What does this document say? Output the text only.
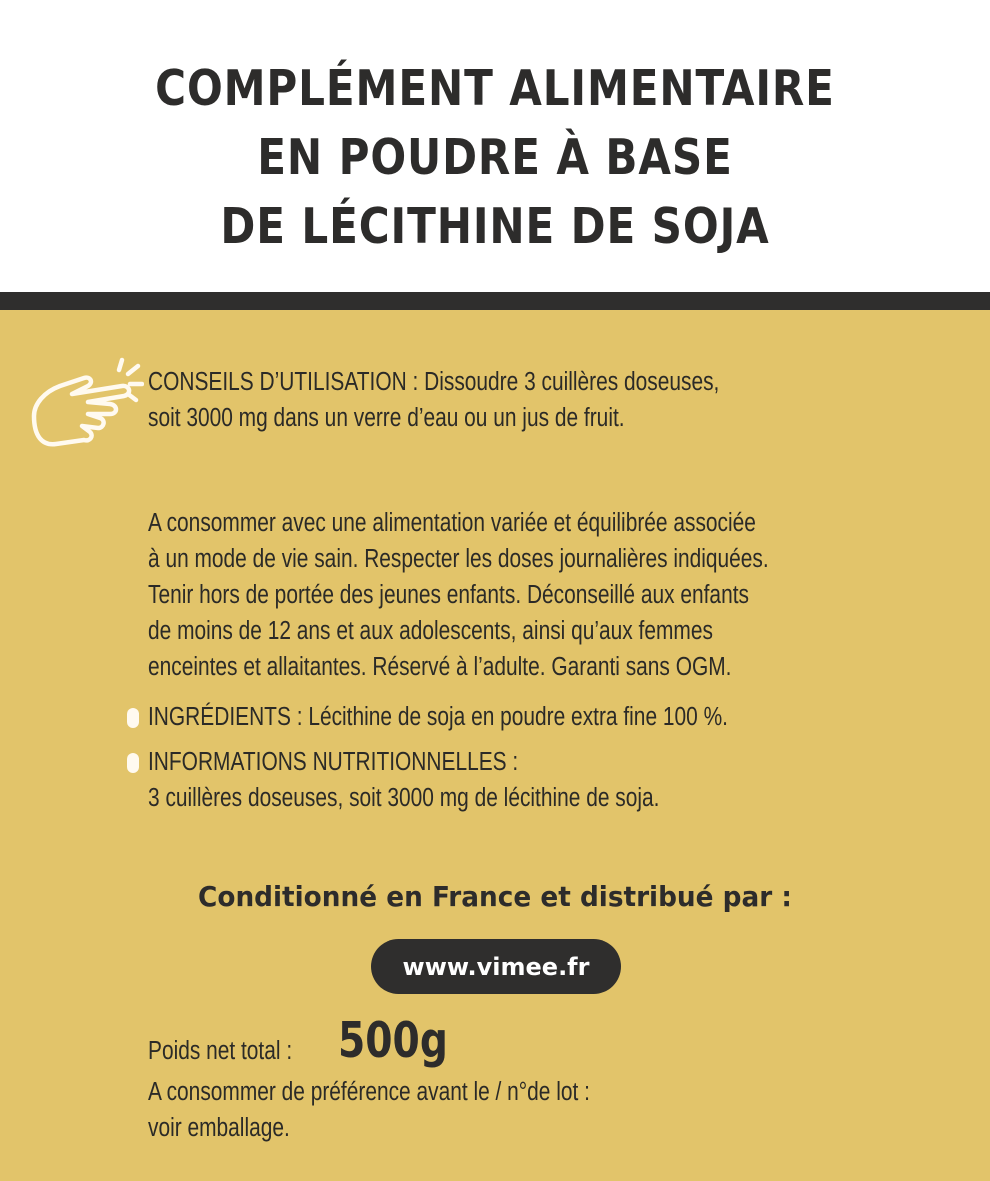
COMPLÉMENT ALIMENTAIRE
EN POUDRE À BASE
DE LÉCITHINE DE SOJA
CONSEILS D’UTILISATION : Dissoudre 3 cuillères doseuses,
soit 3000 mg dans un verre d’eau ou un jus de fruit.
A consommer avec une alimentation variée et équilibrée associée
à un mode de vie sain. Respecter les doses journalières indiquées.
Tenir hors de portée des jeunes enfants. Déconseillé aux enfants
de moins de 12 ans et aux adolescents, ainsi qu’aux femmes
enceintes et allaitantes. Réservé à l’adulte. Garanti sans OGM.
INGRÉDIENTS : Lécithine de soja en poudre extra fine 100 %.
INFORMATIONS NUTRITIONNELLES :
3 cuillères doseuses, soit 3000 mg de lécithine de soja.
Conditionné en France et distribué par :
www.vimee.fr
Poids net total : 500g
A consommer de préférence avant le / n°de lot :
voir emballage.
